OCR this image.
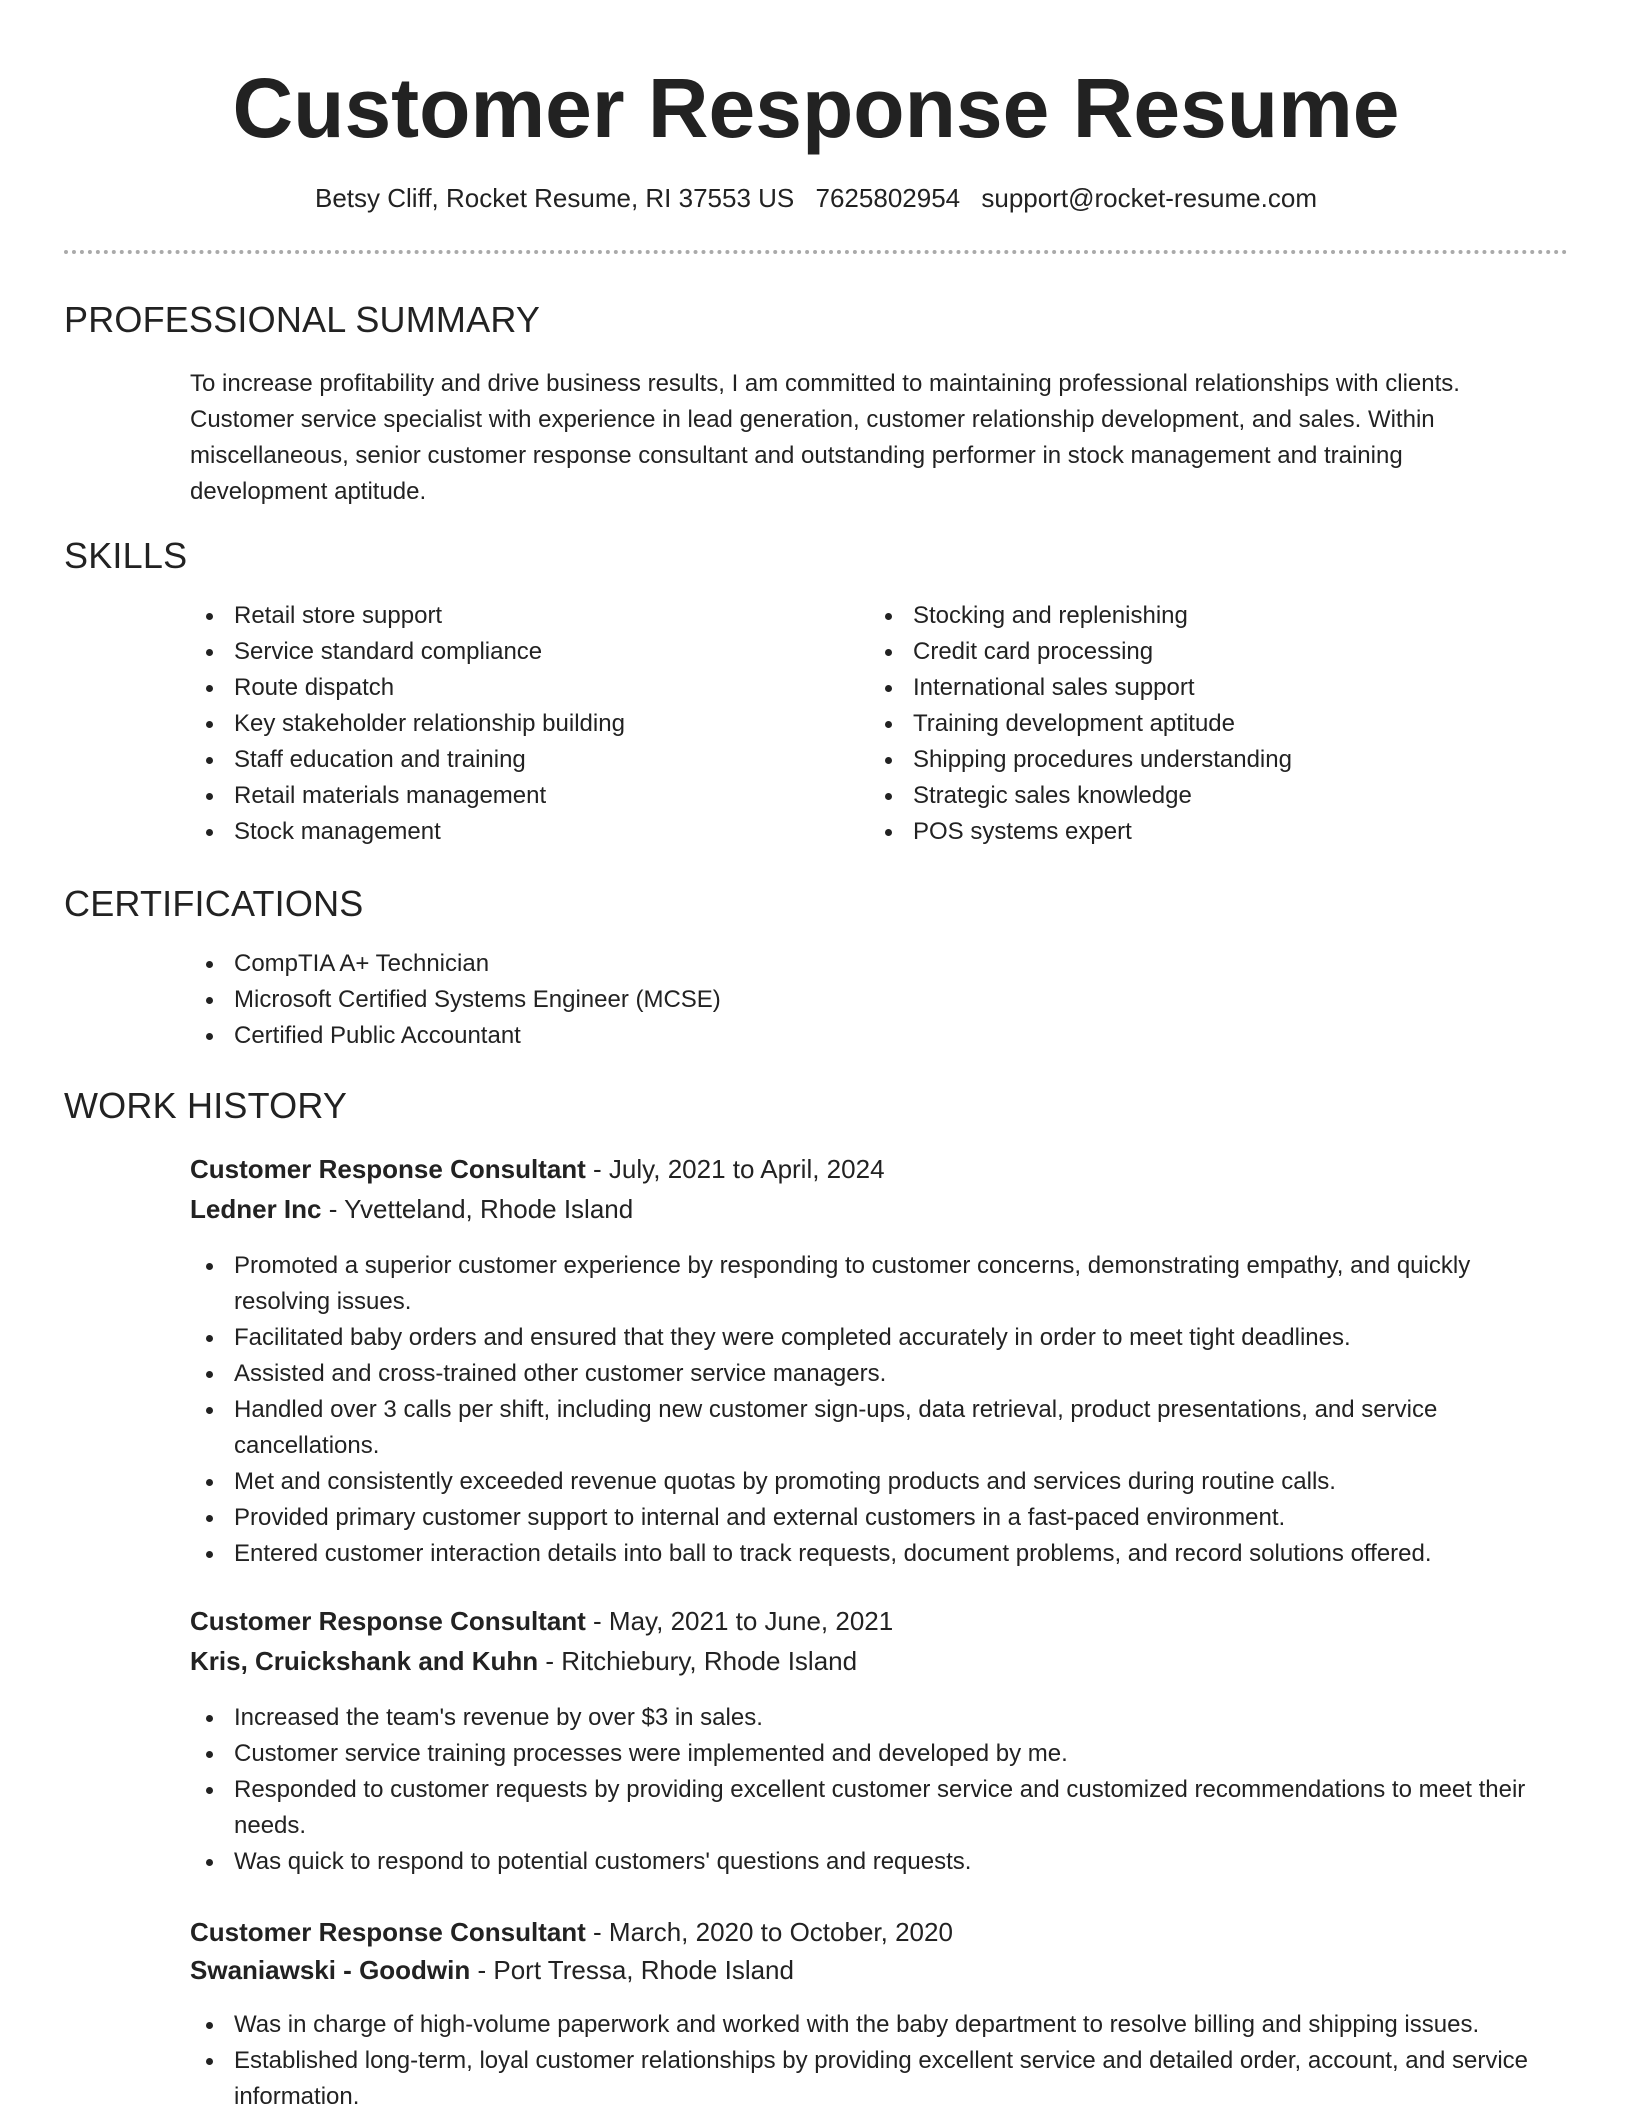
Customer Response Resume
Betsy Cliff, Rocket Resume, RI 37553 US 7625802954 support@rocket-resume.com
PROFESSIONAL SUMMARY

To increase profitability and drive business results, I am committed to maintaining professional relationships with clients. Customer service specialist with experience in lead generation, customer relationship development, and sales. Within miscellaneous, senior customer response consultant and outstanding performer in stock management and training development aptitude.

SKILLS
Retail store support
Service standard compliance
Route dispatch
Key stakeholder relationship building
Staff education and training
Retail materials management
Stock management
Stocking and replenishing
Credit card processing
International sales support
Training development aptitude
Shipping procedures understanding
Strategic sales knowledge
POS systems expert
CERTIFICATIONS
CompTIA A+ Technician
Microsoft Certified Systems Engineer (MCSE)
Certified Public Accountant
WORK HISTORY
Customer Response Consultant - July, 2021 to April, 2024
Ledner Inc - Yvetteland, Rhode Island
Promoted a superior customer experience by responding to customer concerns, demonstrating empathy, and quickly resolving issues.
Facilitated baby orders and ensured that they were completed accurately in order to meet tight deadlines.
Assisted and cross-trained other customer service managers.
Handled over 3 calls per shift, including new customer sign-ups, data retrieval, product presentations, and service cancellations.
Met and consistently exceeded revenue quotas by promoting products and services during routine calls.
Provided primary customer support to internal and external customers in a fast-paced environment.
Entered customer interaction details into ball to track requests, document problems, and record solutions offered.
Customer Response Consultant - May, 2021 to June, 2021
Kris, Cruickshank and Kuhn - Ritchiebury, Rhode Island
Increased the team's revenue by over $3 in sales.
Customer service training processes were implemented and developed by me.
Responded to customer requests by providing excellent customer service and customized recommendations to meet their needs.
Was quick to respond to potential customers' questions and requests.
Customer Response Consultant - March, 2020 to October, 2020
Swaniawski - Goodwin - Port Tressa, Rhode Island
Was in charge of high-volume paperwork and worked with the baby department to resolve billing and shipping issues.
Established long-term, loyal customer relationships by providing excellent service and detailed order, account, and service information.
